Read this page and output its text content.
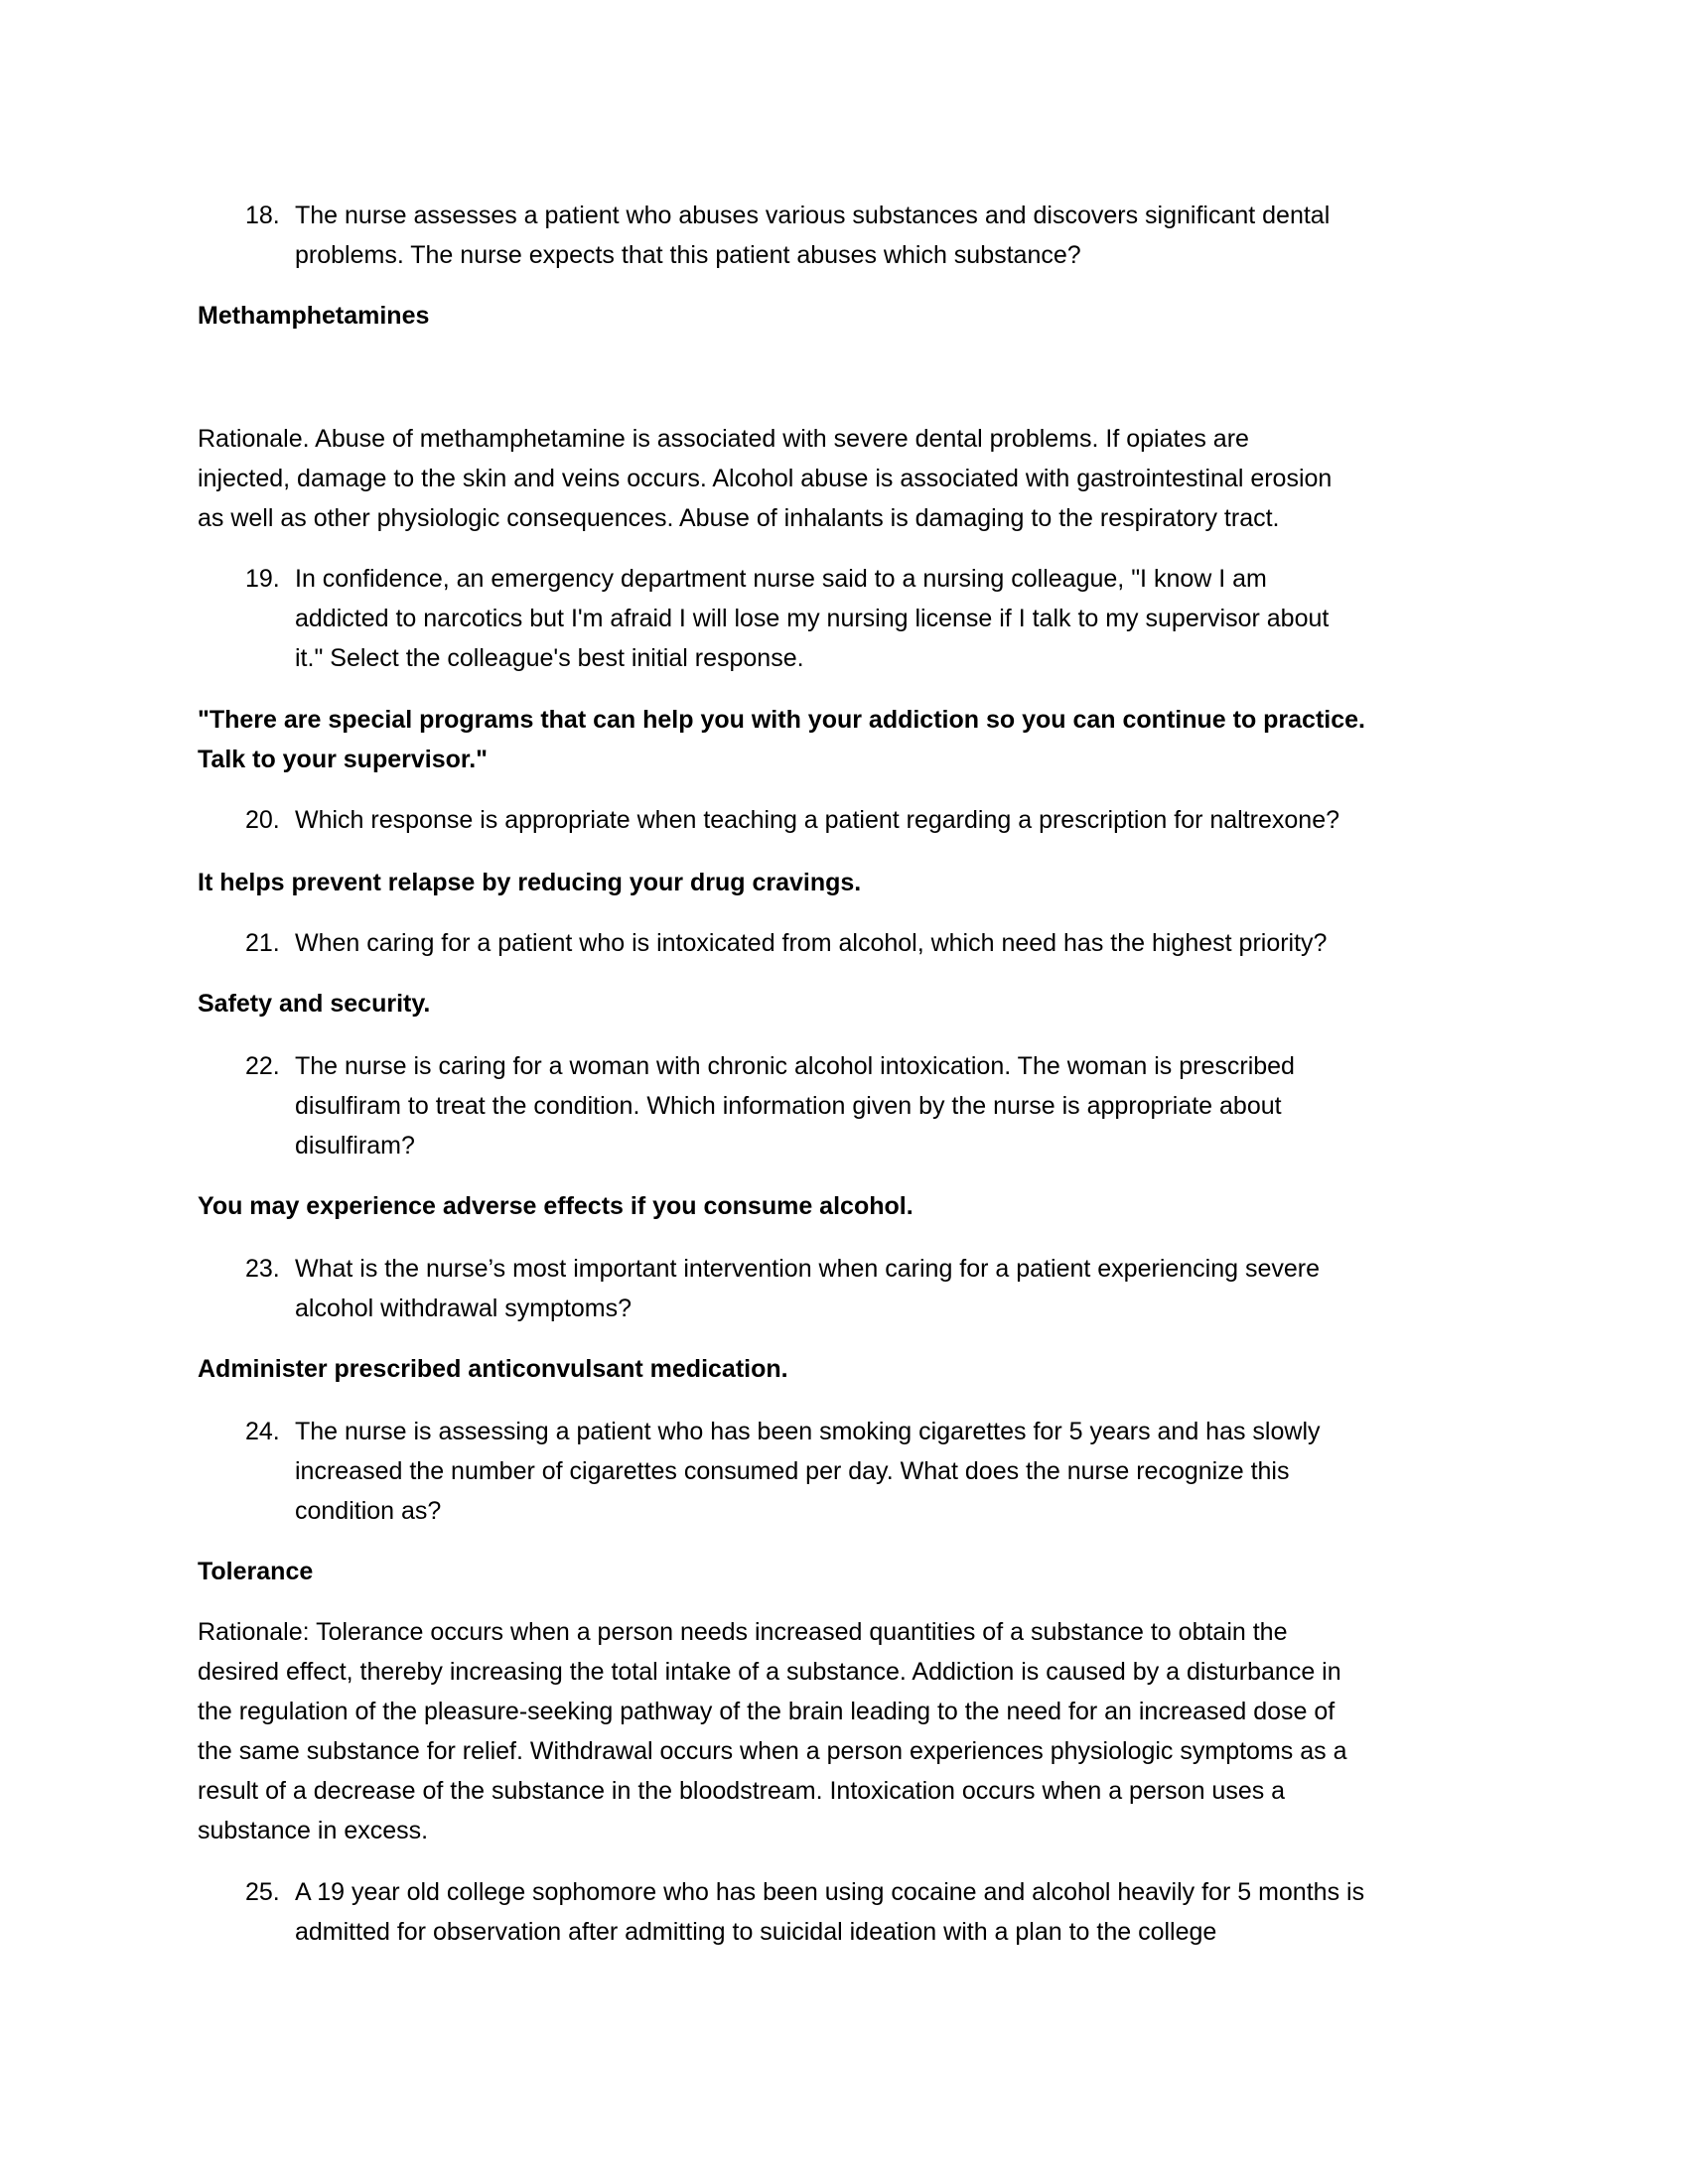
18. The nurse assesses a patient who abuses various substances and discovers significant dental
problems. The nurse expects that this patient abuses which substance?
Methamphetamines
Rationale. Abuse of methamphetamine is associated with severe dental problems. If opiates are
injected, damage to the skin and veins occurs. Alcohol abuse is associated with gastrointestinal erosion
as well as other physiologic consequences. Abuse of inhalants is damaging to the respiratory tract.
19. In confidence, an emergency department nurse said to a nursing colleague, "I know I am
addicted to narcotics but I'm afraid I will lose my nursing license if I talk to my supervisor about
it." Select the colleague's best initial response.
"There are special programs that can help you with your addiction so you can continue to practice.
Talk to your supervisor."
20. Which response is appropriate when teaching a patient regarding a prescription for naltrexone?
It helps prevent relapse by reducing your drug cravings.
21. When caring for a patient who is intoxicated from alcohol, which need has the highest priority?
Safety and security.
22. The nurse is caring for a woman with chronic alcohol intoxication. The woman is prescribed
disulfiram to treat the condition. Which information given by the nurse is appropriate about
disulfiram?
You may experience adverse effects if you consume alcohol.
23. What is the nurse’s most important intervention when caring for a patient experiencing severe
alcohol withdrawal symptoms?
Administer prescribed anticonvulsant medication.
24. The nurse is assessing a patient who has been smoking cigarettes for 5 years and has slowly
increased the number of cigarettes consumed per day. What does the nurse recognize this
condition as?
Tolerance
Rationale: Tolerance occurs when a person needs increased quantities of a substance to obtain the
desired effect, thereby increasing the total intake of a substance. Addiction is caused by a disturbance in
the regulation of the pleasure-seeking pathway of the brain leading to the need for an increased dose of
the same substance for relief. Withdrawal occurs when a person experiences physiologic symptoms as a
result of a decrease of the substance in the bloodstream. Intoxication occurs when a person uses a
substance in excess.
25. A 19 year old college sophomore who has been using cocaine and alcohol heavily for 5 months is
admitted for observation after admitting to suicidal ideation with a plan to the college
